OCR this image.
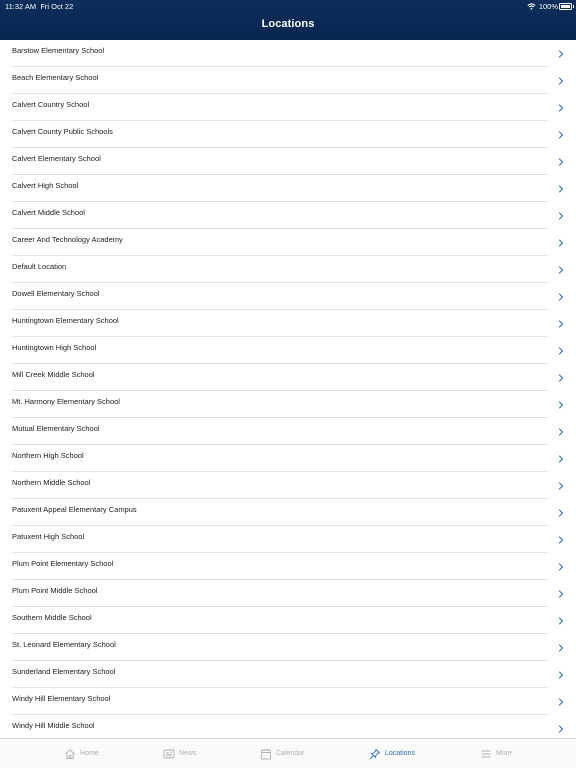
11:32 AM Fri Oct 22	100%
Locations
Barstow Elementary School
Beach Elementary School
Calvert Country School
Calvert County Public Schools
Calvert Elementary School
Calvert High School
Calvert Middle School
Career And Technology Academy
Default Location
Dowell Elementary School
Huntingtown Elementary School
Huntingtown High School
Mill Creek Middle School
Mt. Harmony Elementary School
Mutual Elementary School
Northern High School
Northern Middle School
Patuxent Appeal Elementary Campus
Patuxent High School
Plum Point Elementary School
Plum Point Middle School
Southern Middle School
St. Leonard Elementary School
Sunderland Elementary School
Windy Hill Elementary School
Windy Hill Middle School
Home	News	Calendar	Locations	More
